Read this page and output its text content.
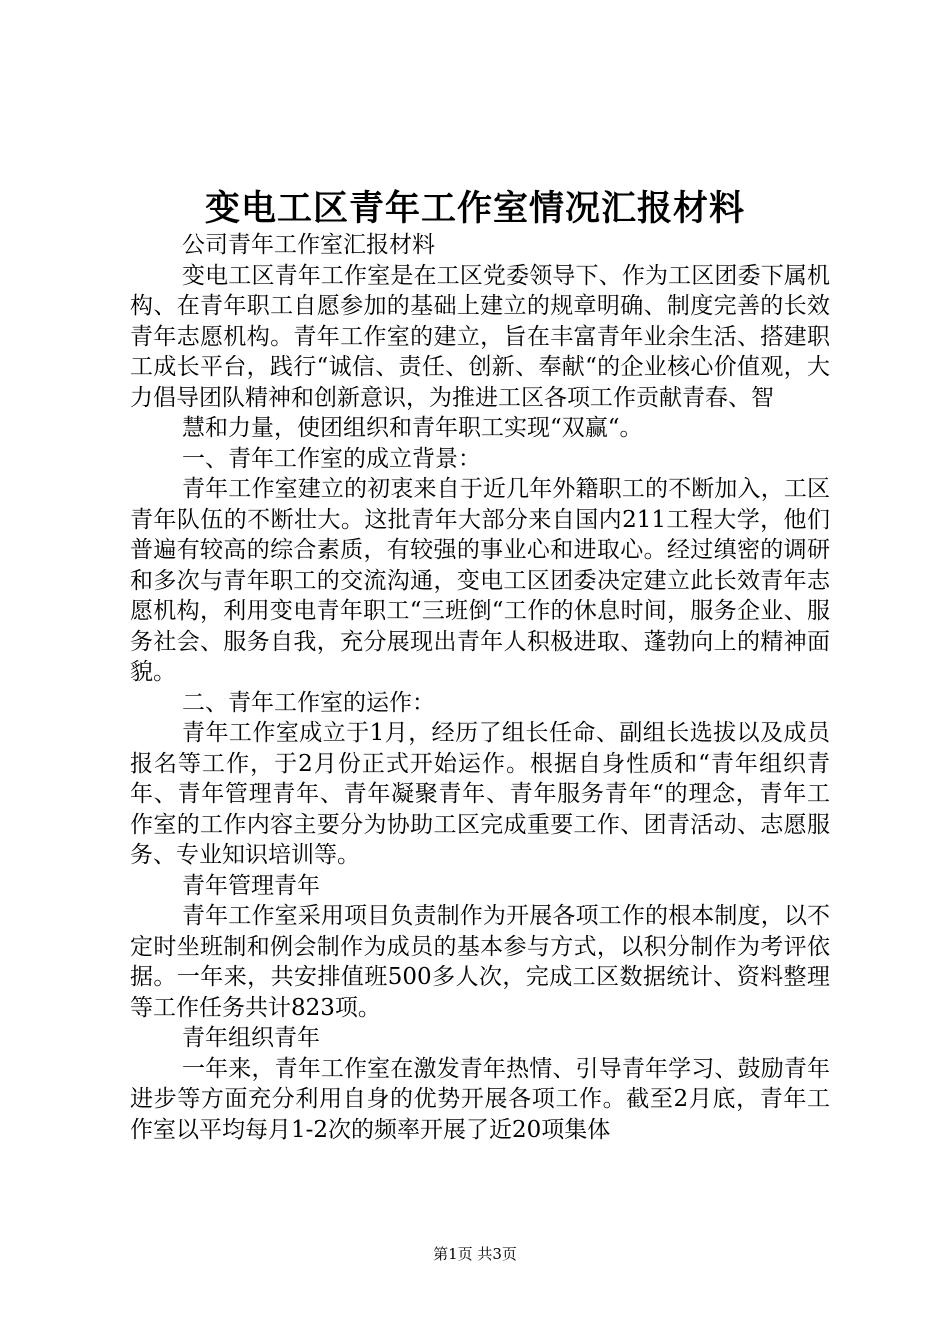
变电工区青年工作室情况汇报材料

公司青年工作室汇报材料

变电工区青年工作室是在工区党委领导下、作为工区团委下属机构、在青年职工自愿参加的基础上建立的规章明确、制度完善的长效青年志愿机构。青年工作室的建立，旨在丰富青年业余生活、搭建职工成长平台，践行“诚信、责任、创新、奉献“的企业核心价值观，大力倡导团队精神和创新意识，为推进工区各项工作贡献青春、智

慧和力量，使团组织和青年职工实现“双赢“。

一、青年工作室的成立背景：

青年工作室建立的初衷来自于近几年外籍职工的不断加入，工区青年队伍的不断壮大。这批青年大部分来自国内211工程大学，他们普遍有较高的综合素质，有较强的事业心和进取心。经过缜密的调研和多次与青年职工的交流沟通，变电工区团委决定建立此长效青年志愿机构，利用变电青年职工“三班倒“工作的休息时间，服务企业、服务社会、服务自我，充分展现出青年人积极进取、蓬勃向上的精神面貌。

二、青年工作室的运作：

青年工作室成立于1月，经历了组长任命、副组长选拔以及成员报名等工作，于2月份正式开始运作。根据自身性质和“青年组织青年、青年管理青年、青年凝聚青年、青年服务青年“的理念，青年工作室的工作内容主要分为协助工区完成重要工作、团青活动、志愿服务、专业知识培训等。

青年管理青年

青年工作室采用项目负责制作为开展各项工作的根本制度，以不定时坐班制和例会制作为成员的基本参与方式，以积分制作为考评依据。一年来，共安排值班500多人次，完成工区数据统计、资料整理等工作任务共计823项。

青年组织青年

一年来，青年工作室在激发青年热情、引导青年学习、鼓励青年进步等方面充分利用自身的优势开展各项工作。截至2月底，青年工作室以平均每月1-2次的频率开展了近20项集体

第1页 共3页
